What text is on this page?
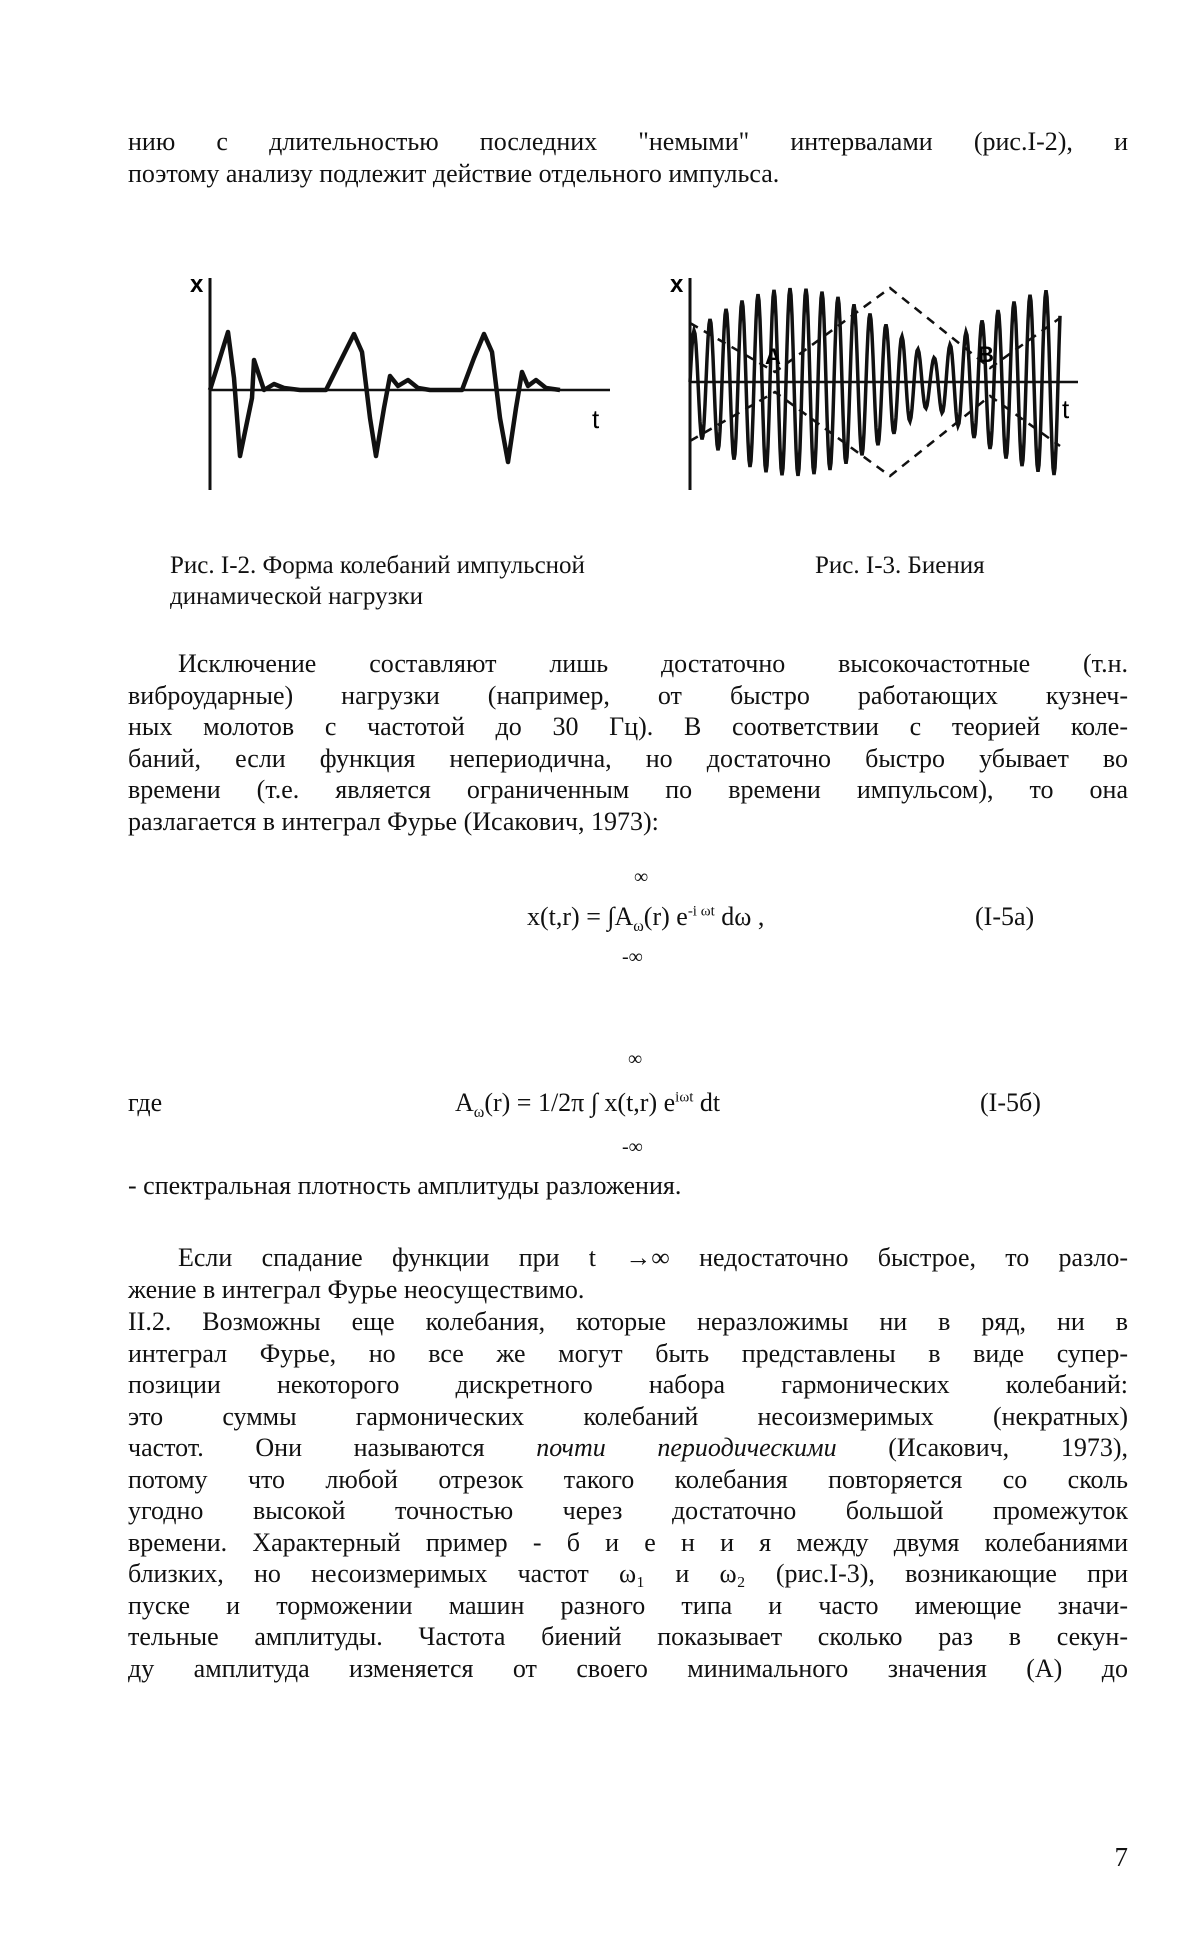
нию с длительностью последних "немыми" интервалами (рис.I-2), и
поэтому анализу подлежит действие отдельного импульса.
x
t
Рис. I-2. Форма колебаний импульсной
динамической нагрузки
x
t
A	B
Рис. I-3. Биения
Исключение составляют лишь достаточно высокочастотные (т.н.
виброударные) нагрузки (например, от быстро работающих кузнеч-
ных молотов с частотой до 30 Гц). В соответствии с теорией коле-
баний, если функция непериодична, но достаточно быстро убывает во
времени (т.е. является ограниченным по времени импульсом), то она
разлагается в интеграл Фурье (Исакович, 1973):
∞
$x(t,r) = \int A_\omega(r)$ $e^{-i \omega t}$ dω ,
-∞
(I-5a)
∞
где	$A_\omega(r) = 1/2\pi$ ∫ x(t,r) $e^{i\omega t}$ dt
-∞
(I-5б)
- спектральная плотность амплитуды разложения.
Если спадание функции при t →∞ недостаточно быстрое, то разло-
жение в интеграл Фурье неосуществимо.
II.2. Возможны еще колебания, которые неразложимы ни в ряд, ни в
интеграл Фурье, но все же могут быть представлены в виде супер-
позиции некоторого дискретного набора гармонических колебаний:
это суммы гармонических колебаний несоизмеримых (некратных)
частот. Они называются почти периодическими (Исакович, 1973),
потому что любой отрезок такого колебания повторяется со сколь
угодно высокой точностью через достаточно большой промежуток
времени. Характерный пример - б и е н и я между двумя колебаниями
близких, но несоизмеримых частот ω₁ и ω₂ (рис.I-3), возникающие при
пуске и торможении машин разного типа и часто имеющие значи-
тельные амплитуды. Частота биений показывает сколько раз в секун-
ду амплитуда изменяется от своего минимального значения (А) до
7
